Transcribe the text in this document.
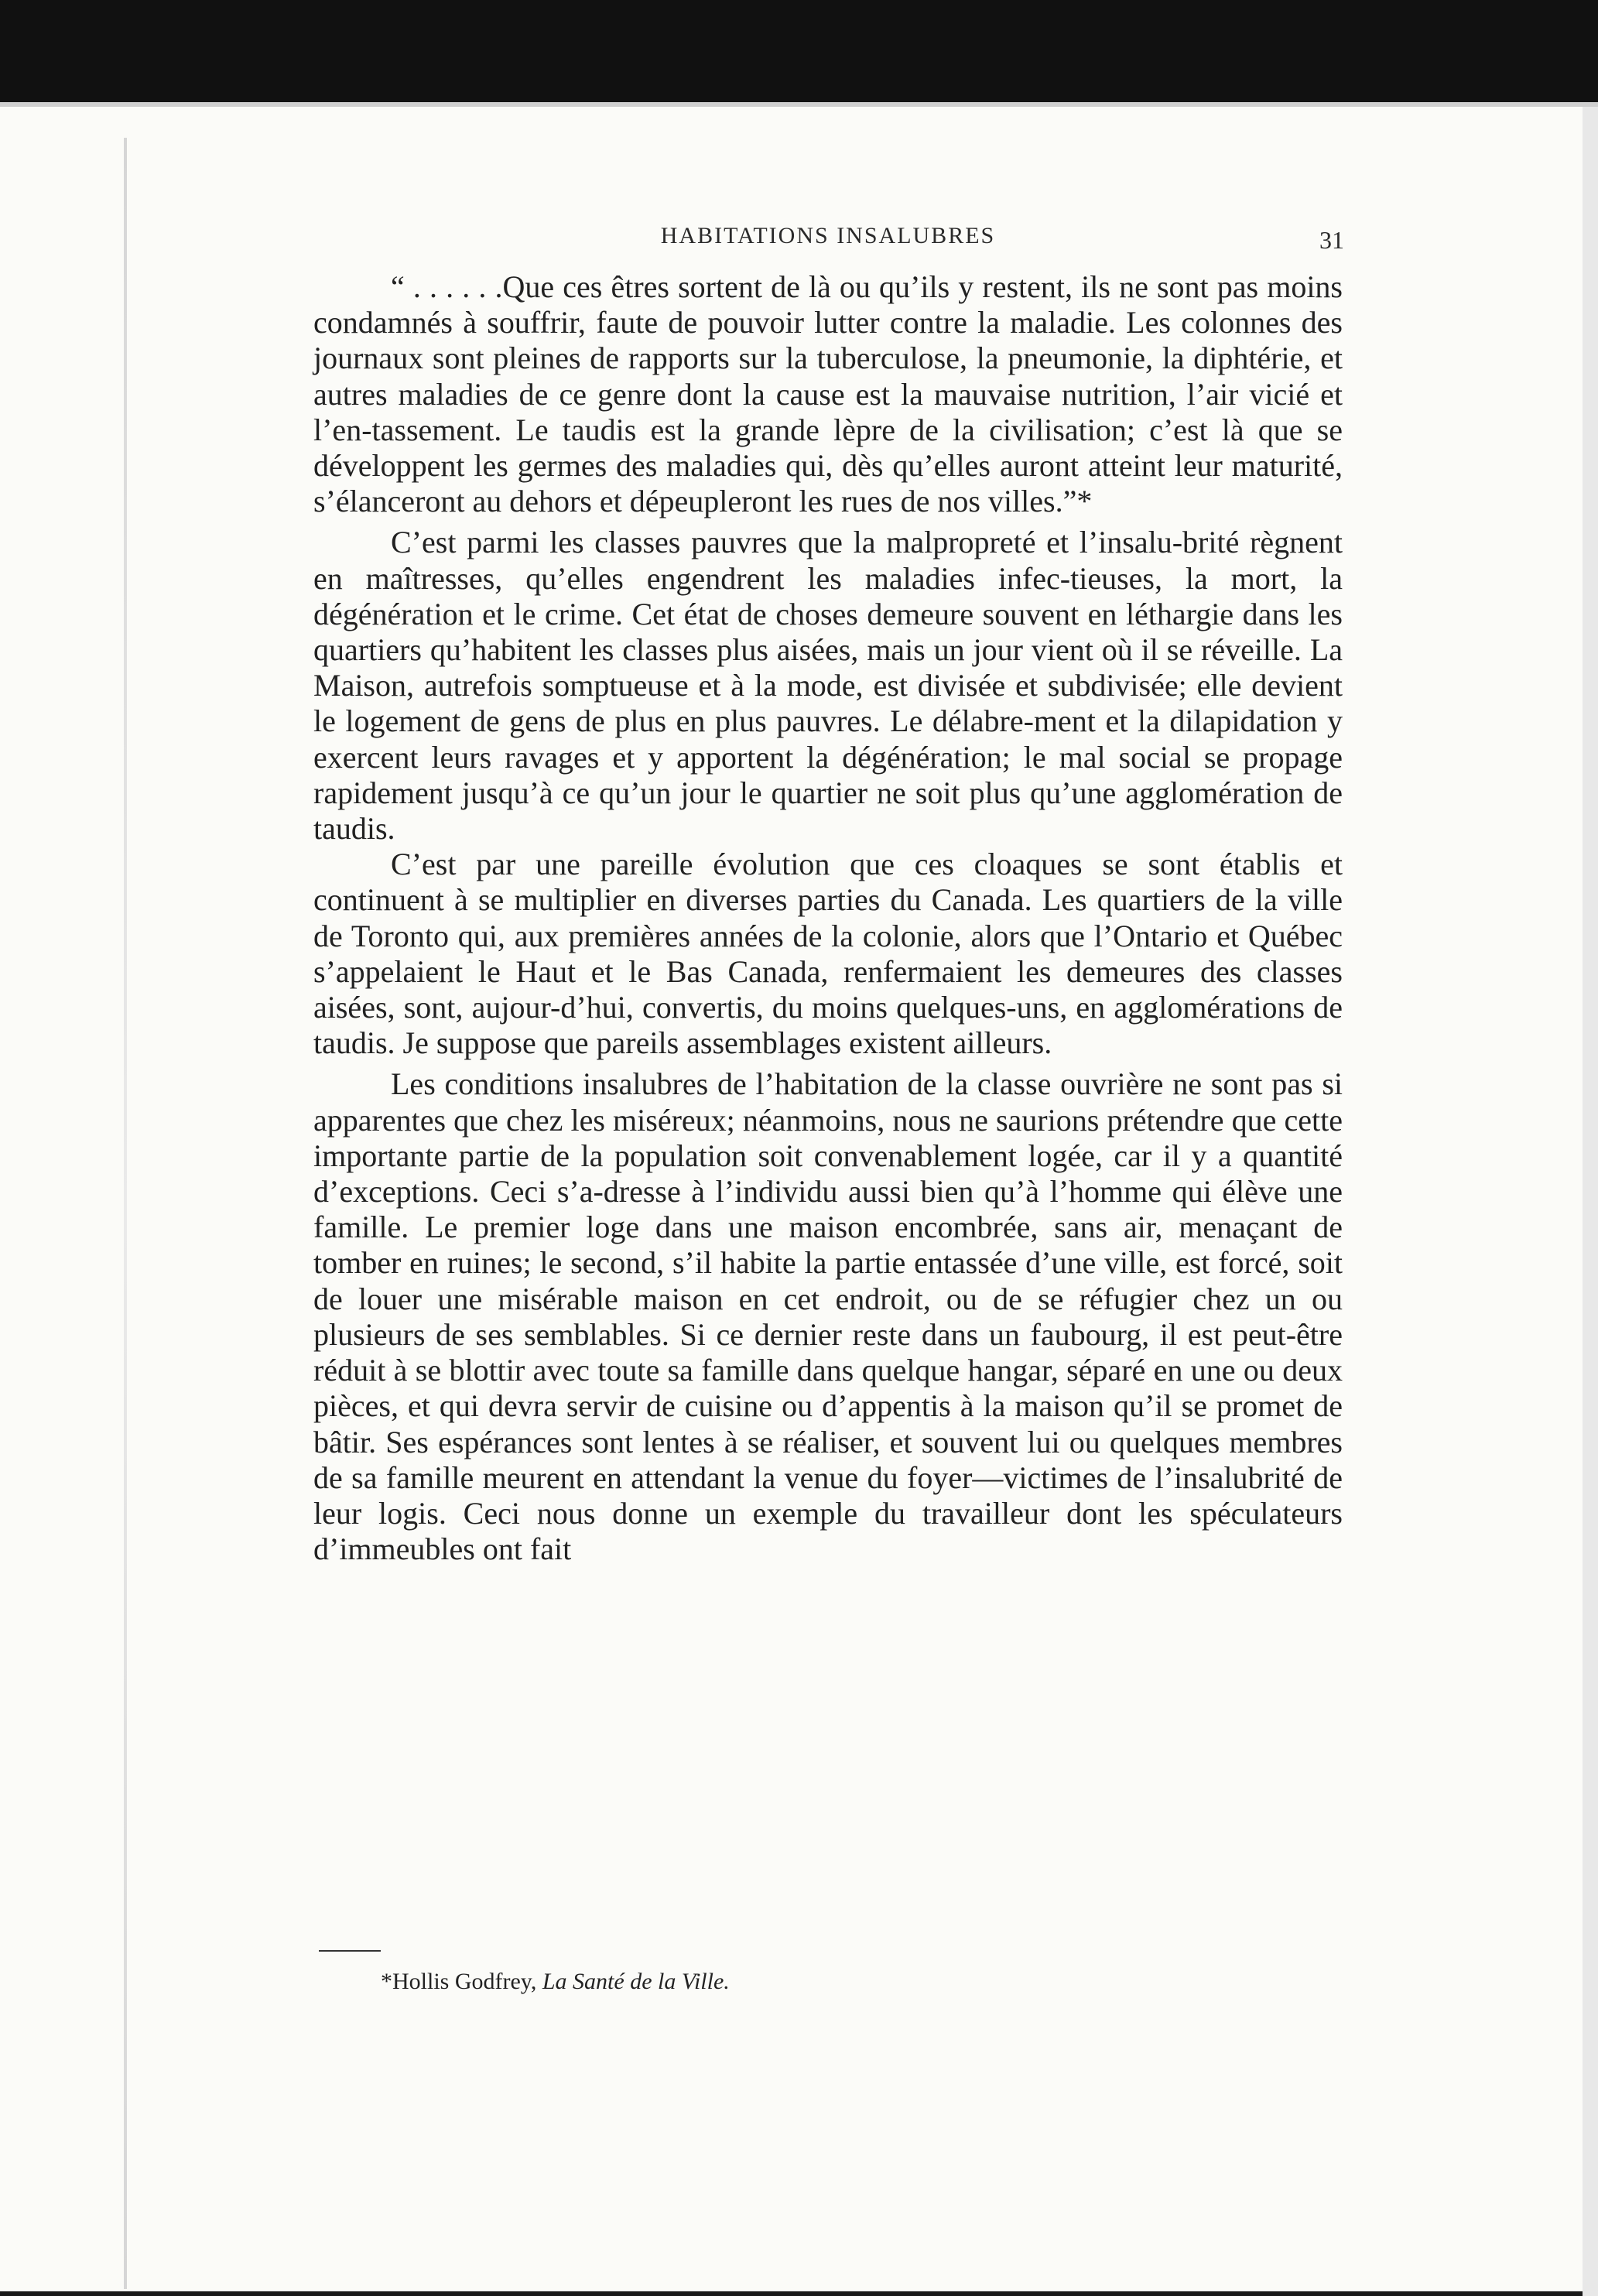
HABITATIONS INSALUBRES	31

“ . . . . . .Que ces êtres sortent de là ou qu’ils y restent, ils ne sont pas moins condamnés à souffrir, faute de pouvoir lutter contre la maladie. Les colonnes des journaux sont pleines de rapports sur la tuberculose, la pneumonie, la diphtérie, et autres maladies de ce genre dont la cause est la mauvaise nutrition, l’air vicié et l’en-tassement. Le taudis est la grande lèpre de la civilisation; c’est là que se développent les germes des maladies qui, dès qu’elles auront atteint leur maturité, s’élanceront au dehors et dépeupleront les rues de nos villes.”*

C’est parmi les classes pauvres que la malpropreté et l’insalu-brité règnent en maîtresses, qu’elles engendrent les maladies infec-tieuses, la mort, la dégénération et le crime. Cet état de choses demeure souvent en léthargie dans les quartiers qu’habitent les classes plus aisées, mais un jour vient où il se réveille. La Maison, autrefois somptueuse et à la mode, est divisée et subdivisée; elle devient le logement de gens de plus en plus pauvres. Le délabre-ment et la dilapidation y exercent leurs ravages et y apportent la dégénération; le mal social se propage rapidement jusqu’à ce qu’un jour le quartier ne soit plus qu’une agglomération de taudis.

C’est par une pareille évolution que ces cloaques se sont établis et continuent à se multiplier en diverses parties du Canada. Les quartiers de la ville de Toronto qui, aux premières années de la colonie, alors que l’Ontario et Québec s’appelaient le Haut et le Bas Canada, renfermaient les demeures des classes aisées, sont, aujour-d’hui, convertis, du moins quelques-uns, en agglomérations de taudis. Je suppose que pareils assemblages existent ailleurs.

Les conditions insalubres de l’habitation de la classe ouvrière ne sont pas si apparentes que chez les miséreux; néanmoins, nous ne saurions prétendre que cette importante partie de la population soit convenablement logée, car il y a quantité d’exceptions. Ceci s’a-dresse à l’individu aussi bien qu’à l’homme qui élève une famille. Le premier loge dans une maison encombrée, sans air, menaçant de tomber en ruines; le second, s’il habite la partie entassée d’une ville, est forcé, soit de louer une misérable maison en cet endroit, ou de se réfugier chez un ou plusieurs de ses semblables. Si ce dernier reste dans un faubourg, il est peut-être réduit à se blottir avec toute sa famille dans quelque hangar, séparé en une ou deux pièces, et qui devra servir de cuisine ou d’appentis à la maison qu’il se promet de bâtir. Ses espérances sont lentes à se réaliser, et souvent lui ou quelques membres de sa famille meurent en attendant la venue du foyer—victimes de l’insalubrité de leur logis. Ceci nous donne un exemple du travailleur dont les spéculateurs d’immeubles ont fait

*Hollis Godfrey, La Santé de la Ville.
